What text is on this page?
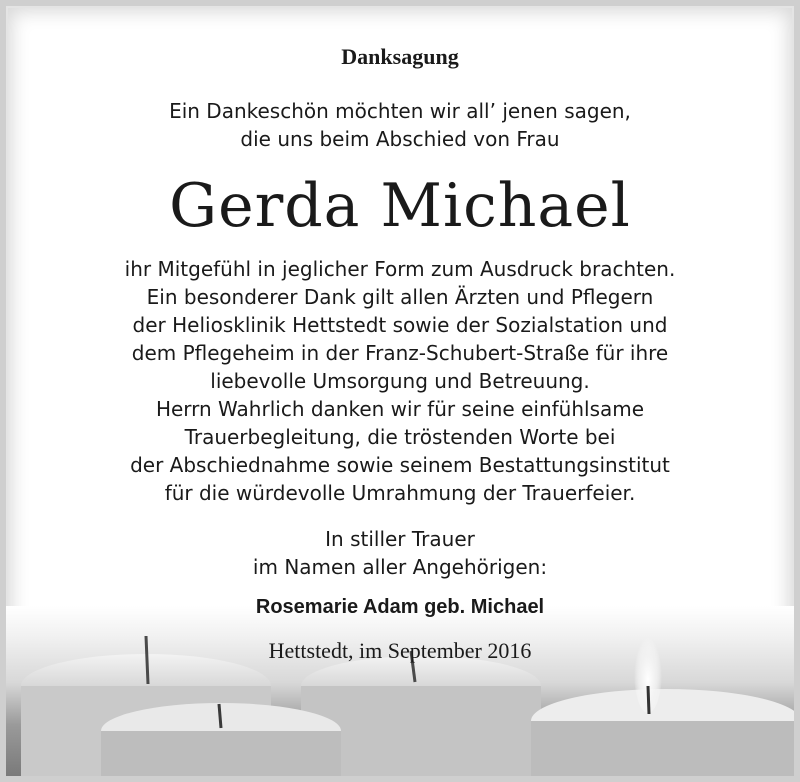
Danksagung
Ein Dankeschön möchten wir all’ jenen sagen,
die uns beim Abschied von Frau
Gerda Michael
ihr Mitgefühl in jeglicher Form zum Ausdruck brachten.
Ein besonderer Dank gilt allen Ärzten und Pflegern
der Heliosklinik Hettstedt sowie der Sozialstation und
dem Pflegeheim in der Franz-Schubert-Straße für ihre
liebevolle Umsorgung und Betreuung.
Herrn Wahrlich danken wir für seine einfühlsame
Trauerbegleitung, die tröstenden Worte bei
der Abschiednahme sowie seinem Bestattungsinstitut
für die würdevolle Umrahmung der Trauerfeier.
In stiller Trauer
im Namen aller Angehörigen:
Rosemarie Adam geb. Michael
Hettstedt, im September 2016
